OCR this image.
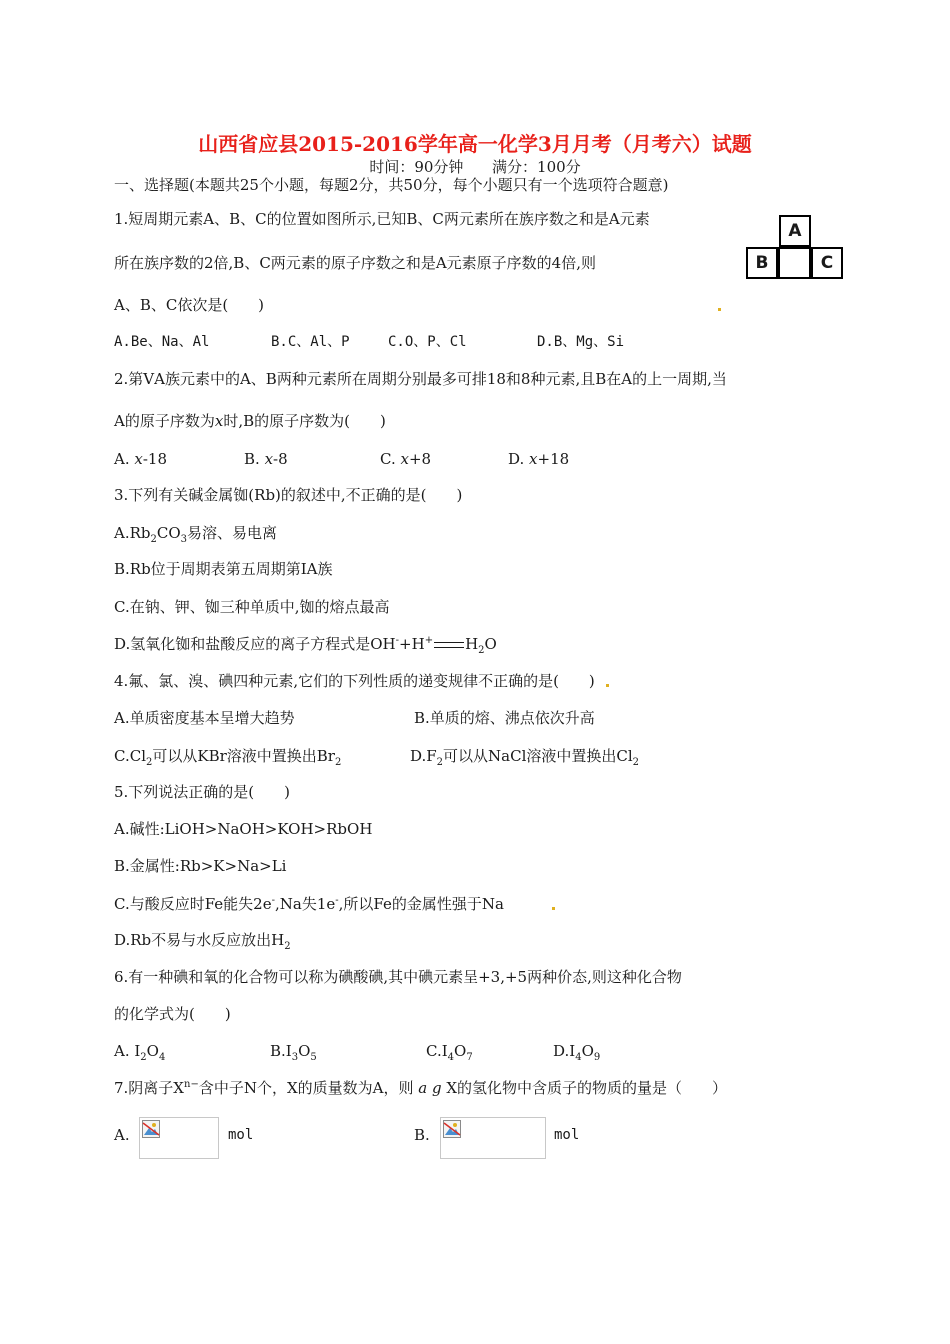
山西省应县2015-2016学年高一化学3月月考（月考六）试题
时间：90分钟 满分：100分
一、选择题(本题共25个小题，每题2分，共50分，每个小题只有一个选项符合题意)
1.短周期元素A、B、C的位置如图所示,已知B、C两元素所在族序数之和是A元素
所在族序数的2倍,B、C两元素的原子序数之和是A元素原子序数的4倍,则
A、B、C依次是(　　)
A
B	C
A.Be、Na、Al	B.C、Al、P	C.O、P、Cl	D.B、Mg、Si
2.第ⅤA族元素中的A、B两种元素所在周期分别最多可排18和8种元素,且B在A的上一周期,当
A的原子序数为x时,B的原子序数为(　　)
A. x-18	B. x-8	C. x+8	D. x+18
3.下列有关碱金属铷(Rb)的叙述中,不正确的是(　　)
$A.Rb_2CO_3$易溶、易电离
B.Rb位于周期表第五周期第ⅠA族
C.在钠、钾、铷三种单质中,铷的熔点最高
D.氢氧化铷和盐酸反应的离子方程式是OH-+H+ $H_2O$
4.氟、氯、溴、碘四种元素,它们的下列性质的递变规律不正确的是(　　)
A.单质密度基本呈增大趋势	B.单质的熔、沸点依次升高
$C.Cl_2$可以从KBr溶液中置换出$Br_2$	$D.F_2$可以从NaCl溶液中置换出$Cl_2$
5.下列说法正确的是(　　)
A.碱性:LiOH>NaOH>KOH>RbOH
B.金属性:Rb>K>Na>Li
C.与酸反应时Fe能失2e-,Na失1e-,所以Fe的金属性强于Na
D.Rb不易与水反应放出$H_2$
6.有一种碘和氧的化合物可以称为碘酸碘,其中碘元素呈+3,+5两种价态,则这种化合物
的化学式为(　　)
A. $I_2O_4$	$B.I_3O_5$	$C.I_4O_7$	$D.I_4O_9$
7.阴离子$X^{n-}$含中子N个，X的质量数为A，则 a g X的氢化物中含质子的物质的量是（　　）
A.	mol	B.	mol
